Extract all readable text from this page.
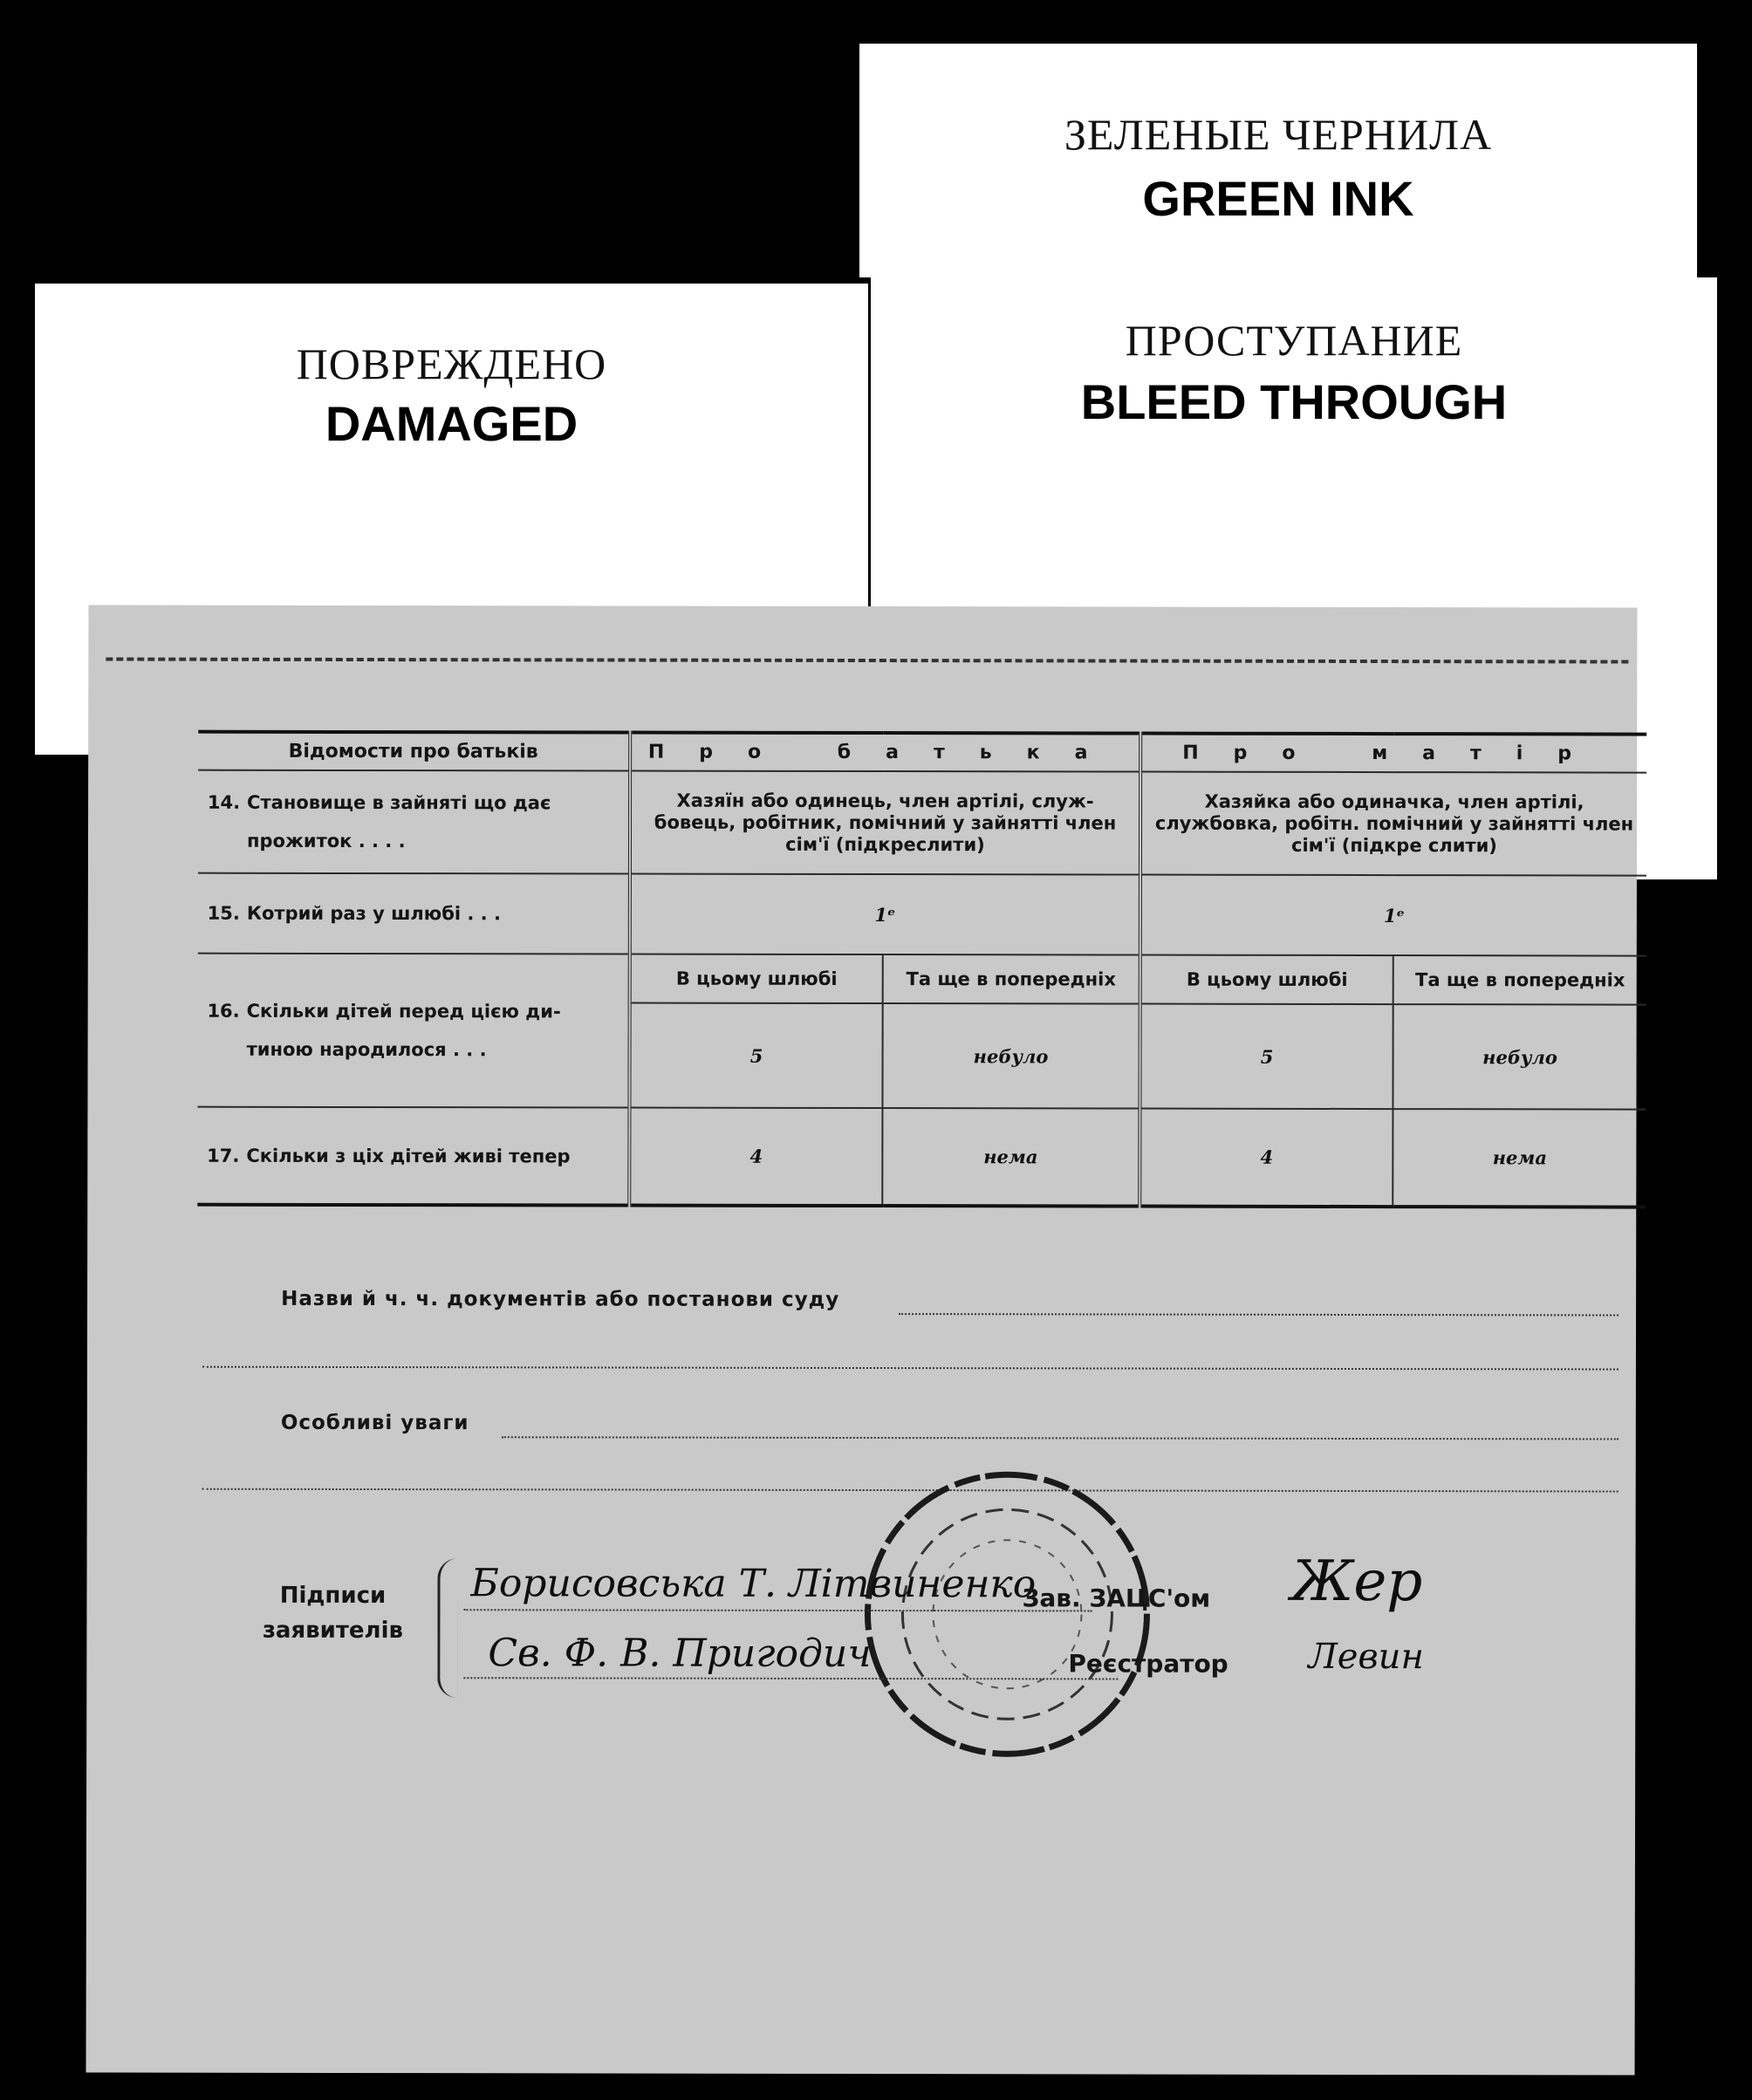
ЗЕЛЕНЫЕ ЧЕРНИЛА
GREEN INK
ПОВРЕЖДЕНО
DAMAGED
ПРОСТУПАНИЕ
BLEED THROUGH
Відомости про батьків	Про батька		Про матір	
14. Становище в зайняті що дає
прожиток . . . .	Хазяїн або одинець, член артілі, служ- бовець, робітник, помічний у зайнятті член сім'ї (підкреслити)		Хазяйка або одиначка, член артілі, службовка, робітн. помічний у зайнятті член сім'ї (підкре слити)	
15. Котрий раз у шлюбі . . .	1ᵉ		1ᵉ	
16. Скільки дітей перед цією ди-
тиною народилося . . .	В цьому шлюбі	Та ще в попередніх	В цьому шлюбі	Та ще в попередніх
	5	небуло	5	небуло
17. Скільки з ціх дітей живі тепер	4	нема	4	нема
Назви й ч. ч. документів або постанови суду
Особливі уваги
Підписи
заявителів
Борисовська Т. Літвиненко
Св. Ф. В. Пригодич
Зав. ЗАЦС'ом
Реєстратор
Жер
Левин
